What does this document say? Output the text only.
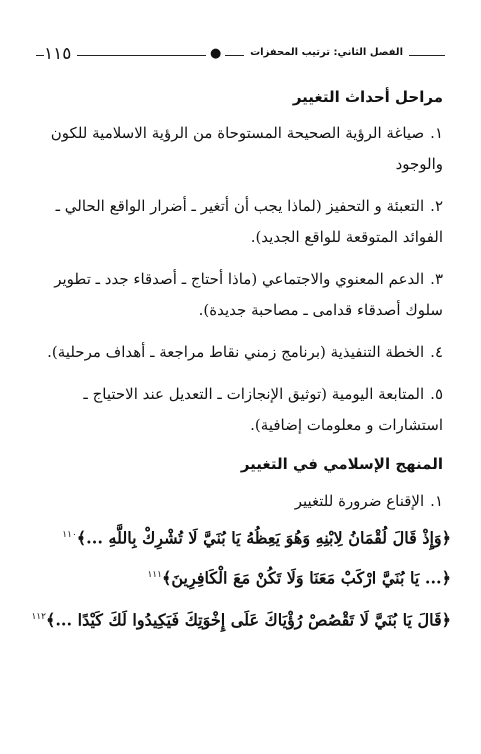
١١٥	●	الفصل الثاني: ترتيب المحفزات
مراحل أحداث التغيير
١.صياغة الرؤية الصحيحة المستوحاة من الرؤية الاسلامية للكون والوجود
٢.التعبئة و التحفيز (لماذا يجب أن أتغير ـ أضرار الواقع الحالي ـ الفوائد المتوقعة للواقع الجديد).
٣.الدعم المعنوي والاجتماعي (ماذا أحتاج ـ أصدقاء جدد ـ تطوير سلوك أصدقاء قدامى ـ مصاحبة جديدة).
٤.الخطة التنفيذية (برنامج زمني نقاط مراجعة ـ أهداف مرحلية).
٥.المتابعة اليومية (توثيق الإنجازات ـ التعديل عند الاحتياج ـ استشارات و معلومات إضافية).
المنهج الإسلامي في التغيير
١.الإقناع ضرورة للتغيير
﴿وَإِذْ قَالَ لُقْمَانُ لِابْنِهِ وَهُوَ يَعِظُهُ يَا بُنَيَّ لَا تُشْرِكْ بِاللَّهِ ...﴾$^{١١٠}$
﴿... يَا بُنَيَّ ارْكَبْ مَعَنَا وَلَا تَكُنْ مَعَ الْكَافِرِينَ﴾$^{١١١}$
﴿قَالَ يَا بُنَيَّ لَا تَقْصُصْ رُؤْيَاكَ عَلَى إِخْوَتِكَ فَيَكِيدُوا لَكَ كَيْدًا ...﴾$^{١١٢}$
